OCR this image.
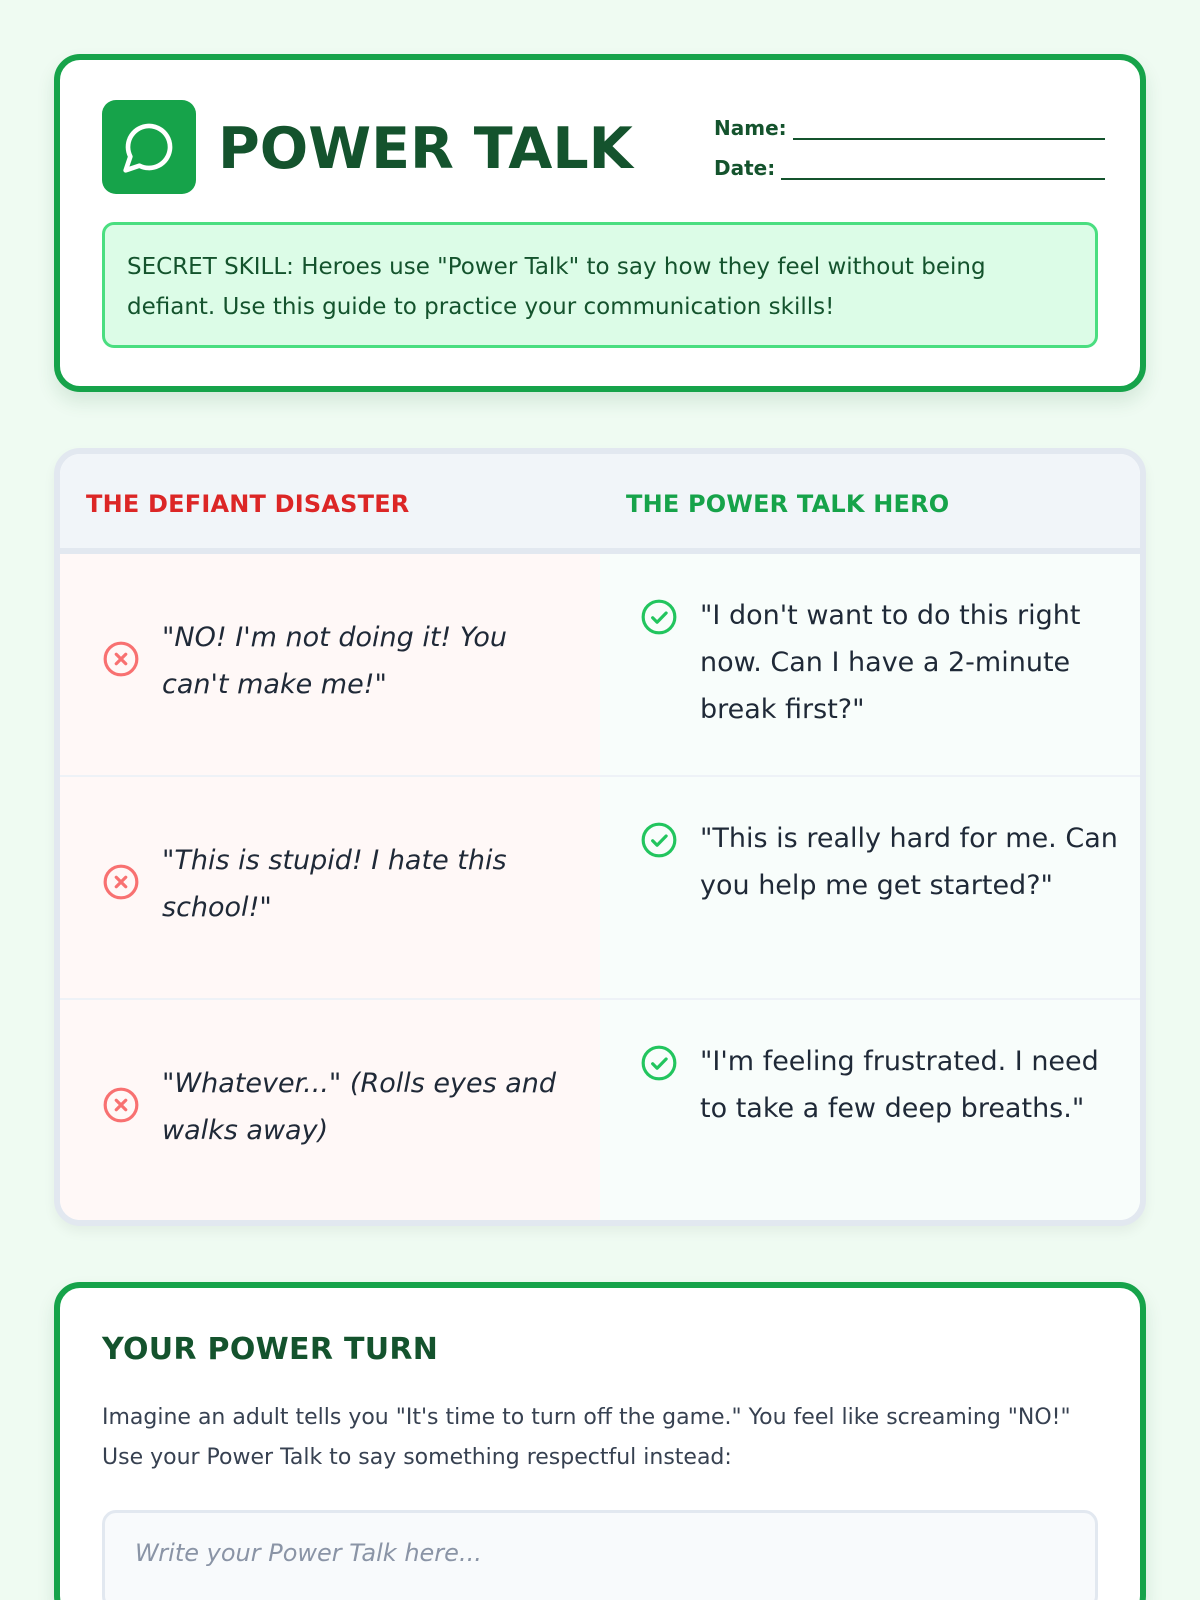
POWER TALK	Name:
Date:
SECRET SKILL: Heroes use "Power Talk" to say how they feel without being defiant. Use this guide to practice your communication skills!
THE DEFIANT DISASTER	THE POWER TALK HERO
"NO! I'm not doing it! You can't make me!"
"I don't want to do this right now. Can I have a 2-minute break first?"
"This is stupid! I hate this school!"
"This is really hard for me. Can you help me get started?"
"Whatever..." (Rolls eyes and walks away)
"I'm feeling frustrated. I need to take a few deep breaths."
YOUR POWER TURN
Imagine an adult tells you "It's time to turn off the game." You feel like screaming "NO!" Use your Power Talk to say something respectful instead:
Write your Power Talk here...
